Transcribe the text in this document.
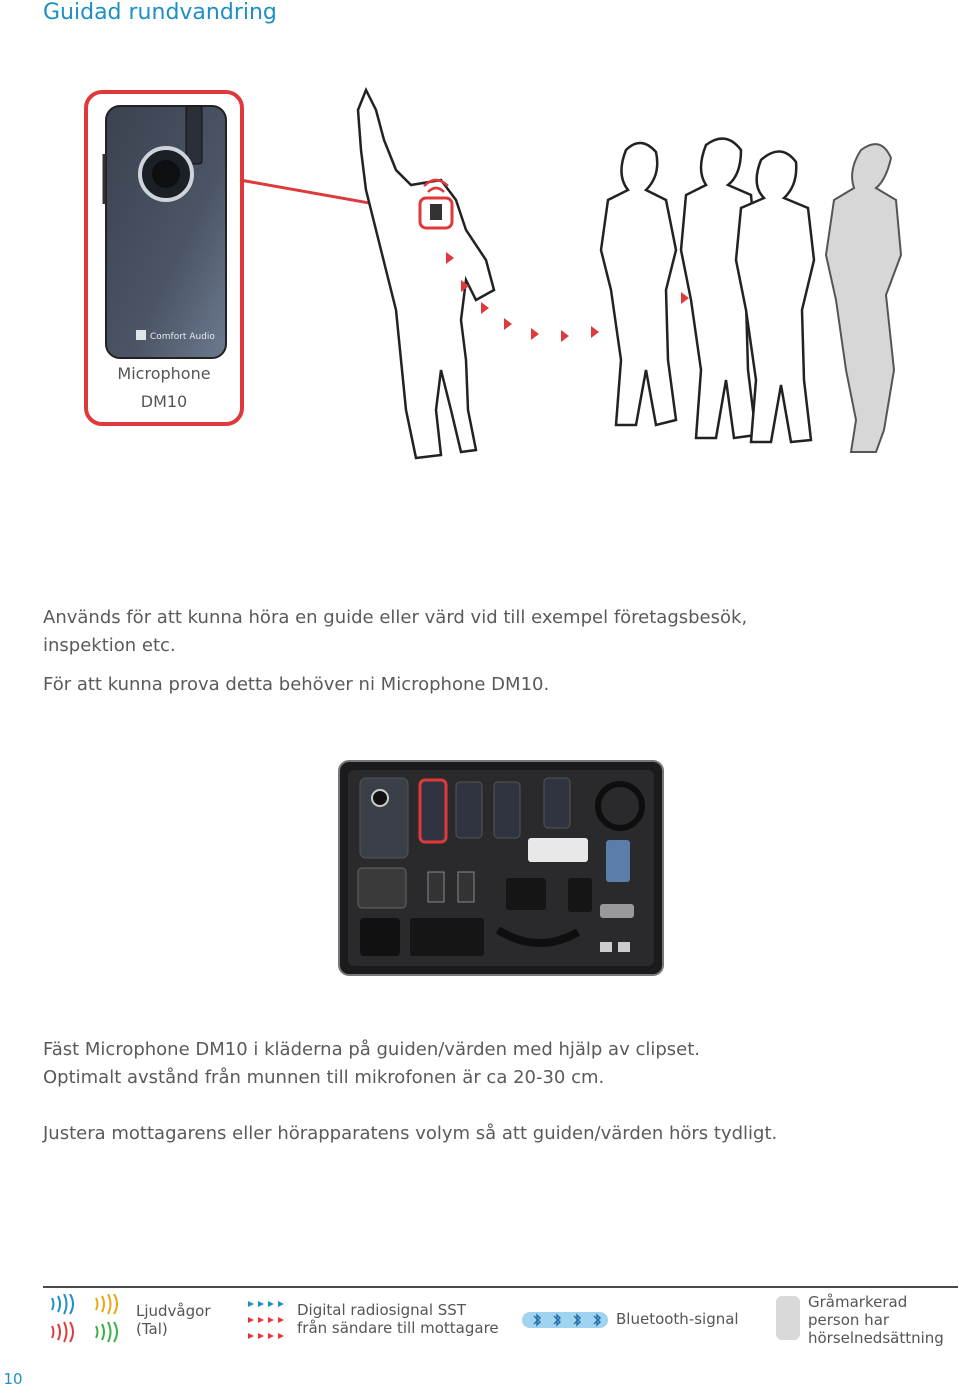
Guidad rundvandring
Comfort Audio
Microphone
DM10
Används för att kunna höra en guide eller värd vid till exempel företagsbesök,
inspektion etc.
För att kunna prova detta behöver ni Microphone DM10.
Fäst Microphone DM10 i kläderna på guiden/värden med hjälp av clipset.
Optimalt avstånd från munnen till mikrofonen är ca 20-30 cm.
Justera mottagarens eller hörapparatens volym så att guiden/värden hörs tydligt.
Ljudvågor
(Tal)
Digital radiosignal SST
från sändare till mottagare	Bluetooth-signal
Gråmarkerad
person har
hörselnedsättning
10
